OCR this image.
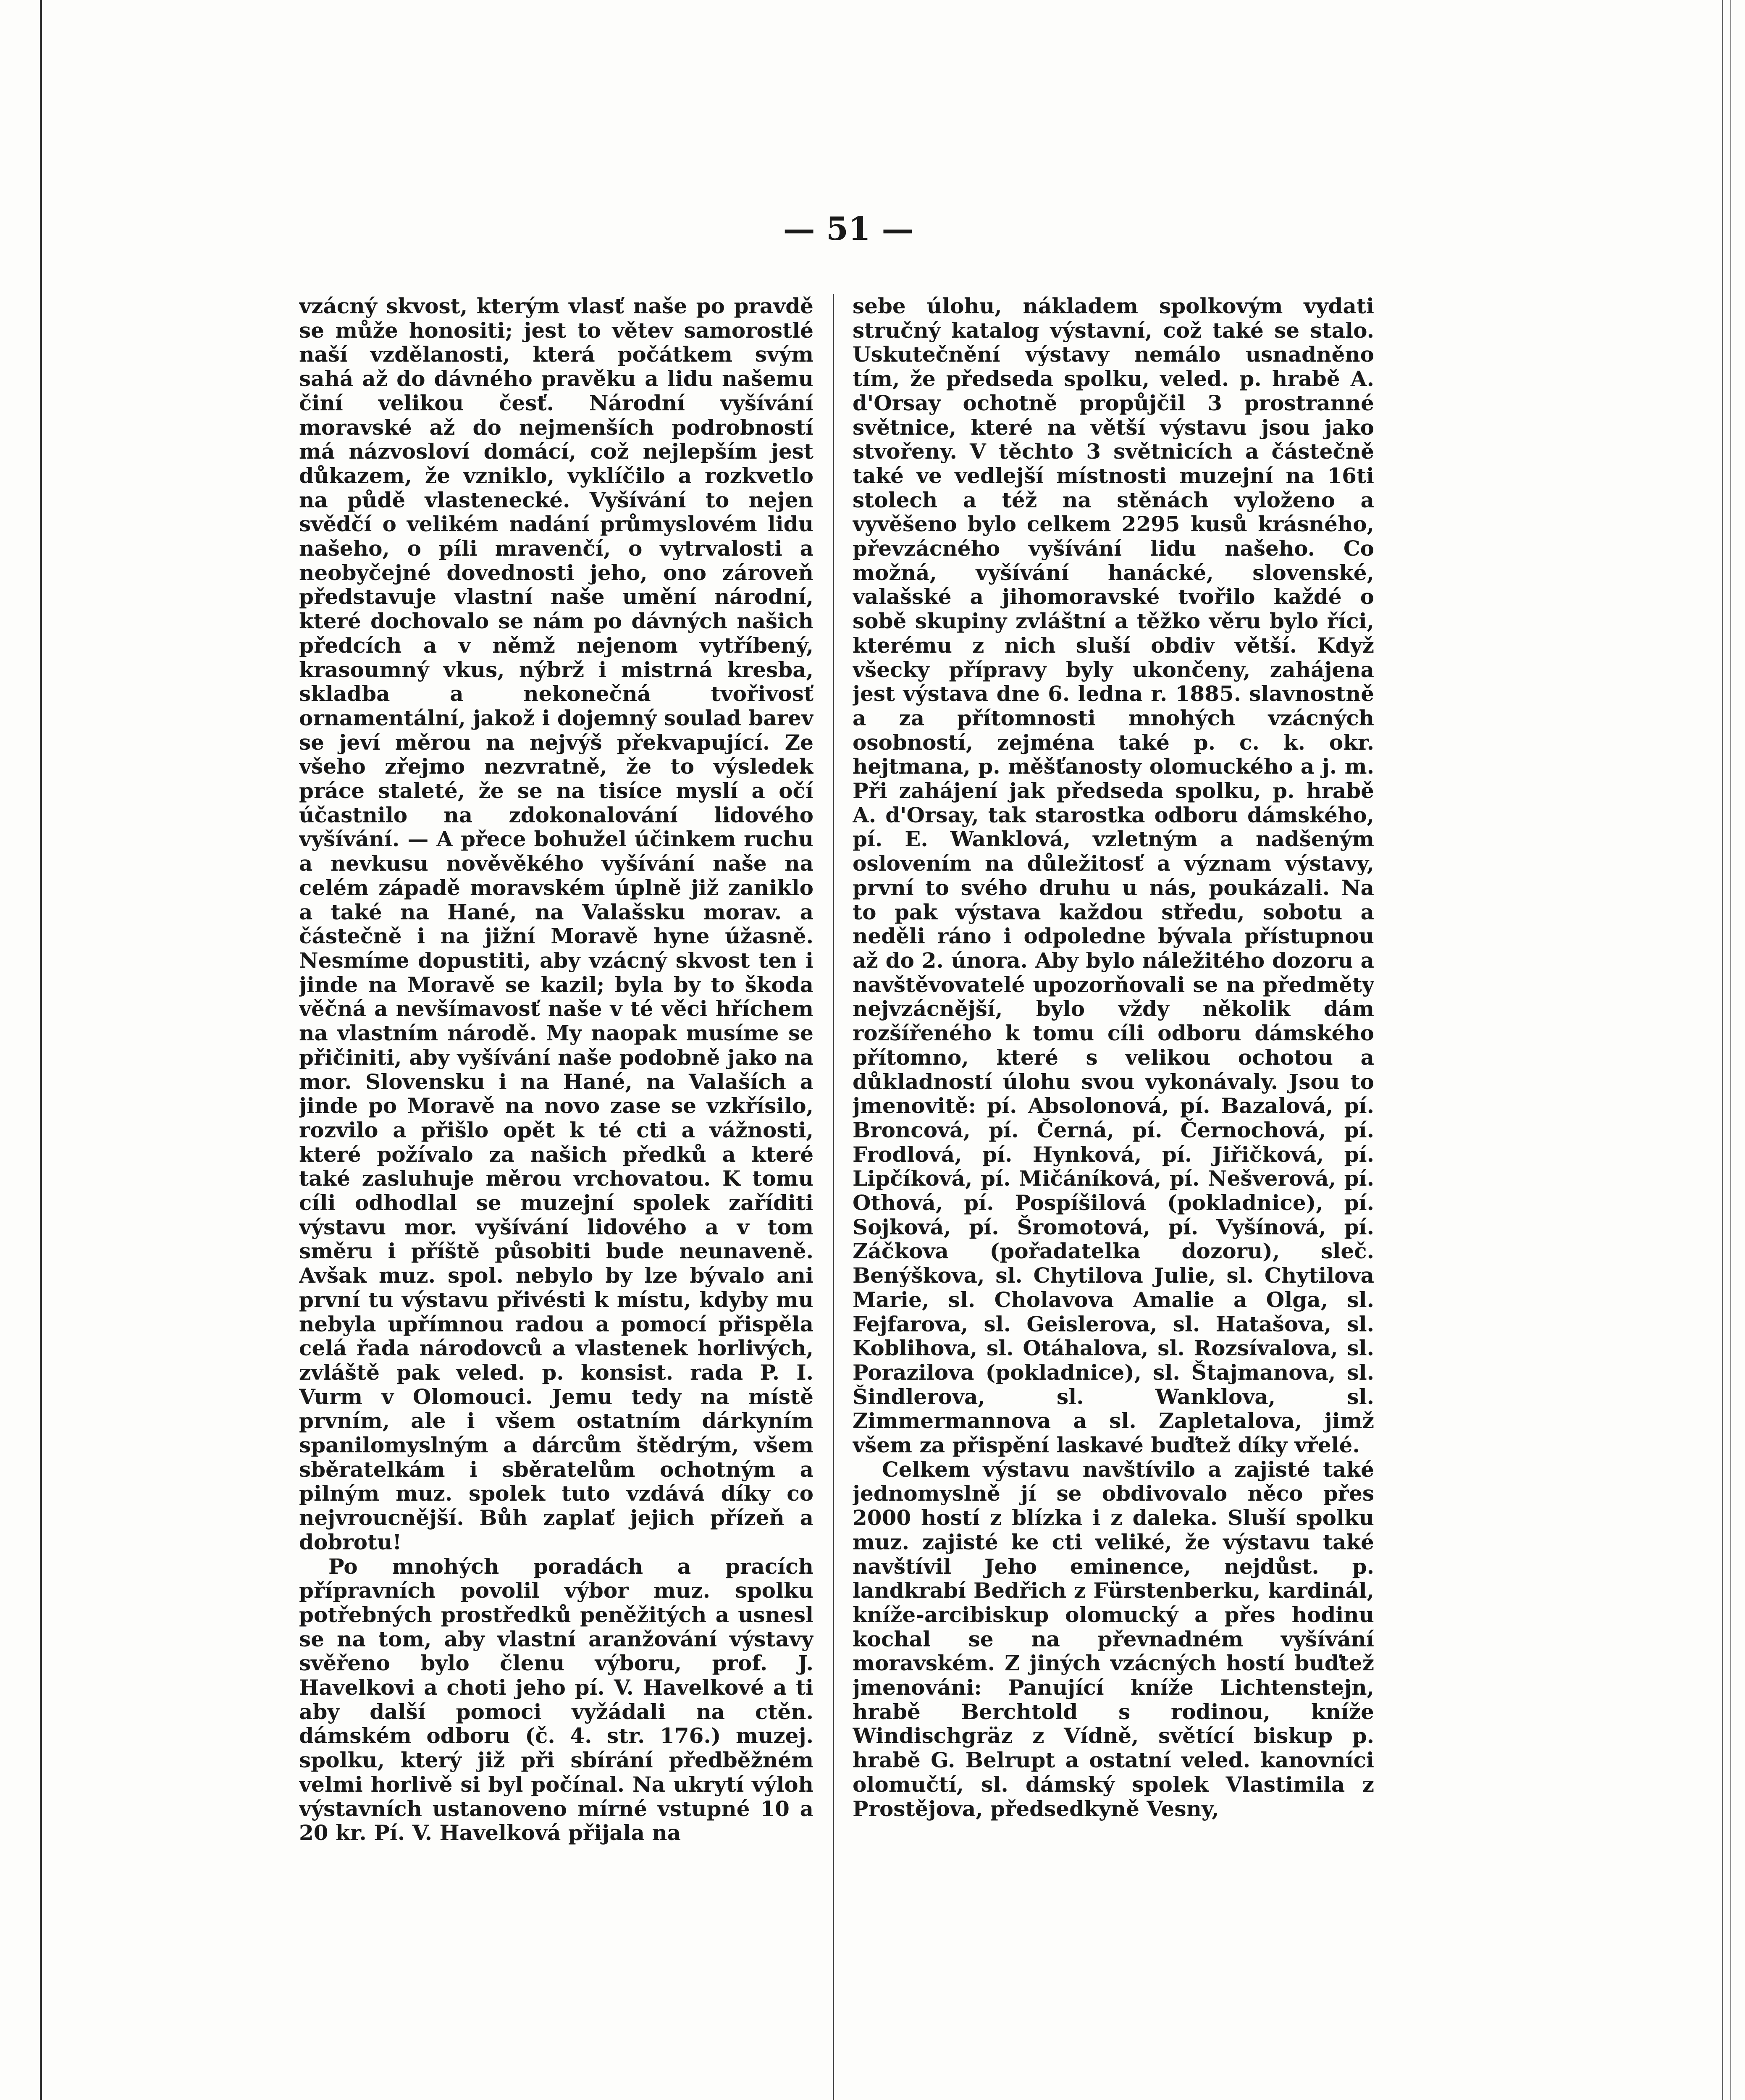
— 51 —

vzácný skvost, kterým vlasť naše po pravdě se může honositi; jest to větev samorostlé naší vzdělanosti, která počátkem svým sahá až do dávného pravěku a lidu našemu činí velikou česť. Národní vyšívání moravské až do nejmenších podrobností má názvosloví domácí, což nejlepším jest důkazem, že vzniklo, vyklíčilo a rozkvetlo na půdě vlastenecké. Vyšívání to nejen svědčí o velikém nadání průmyslovém lidu našeho, o píli mravenčí, o vytrvalosti a neobyčejné dovednosti jeho, ono zároveň představuje vlastní naše umění národní, které dochovalo se nám po dávných našich předcích a v němž nejenom vytříbený, krasoumný vkus, nýbrž i mistrná kresba, skladba a nekonečná tvořivosť ornamentální, jakož i dojemný soulad barev se jeví měrou na nejvýš překvapující. Ze všeho zřejmo nezvratně, že to výsledek práce staleté, že se na tisíce myslí a očí účastnilo na zdokonalování lidového vyšívání. — A přece bohužel účinkem ruchu a nevkusu nověvěkého vyšívání naše na celém západě moravském úplně již zaniklo a také na Hané, na Valašsku morav. a částečně i na jižní Moravě hyne úžasně. Nesmíme dopustiti, aby vzácný skvost ten i jinde na Moravě se kazil; byla by to škoda věčná a nevšímavosť naše v té věci hříchem na vlastním národě. My naopak musíme se přičiniti, aby vyšívání naše podobně jako na mor. Slovensku i na Hané, na Valaších a jinde po Moravě na novo zase se vzkřísilo, rozvilo a přišlo opět k té cti a vážnosti, které požívalo za našich předků a které také zasluhuje měrou vrchovatou. K tomu cíli odhodlal se muzejní spolek zaříditi výstavu mor. vyšívání lidového a v tom směru i příště působiti bude neunaveně. Avšak muz. spol. nebylo by lze bývalo ani první tu výstavu přivésti k místu, kdyby mu nebyla upřímnou radou a pomocí přispěla celá řada národovců a vlastenek horlivých, zvláště pak veled. p. konsist. rada P. I. Vurm v Olomouci. Jemu tedy na místě prvním, ale i všem ostatním dárkyním spanilomyslným a dárcům štědrým, všem sběratelkám i sběratelům ochotným a pilným muz. spolek tuto vzdává díky co nejvroucnější. Bůh zaplať jejich přízeň a dobrotu!

Po mnohých poradách a pracích přípravních povolil výbor muz. spolku potřebných prostředků peněžitých a usnesl se na tom, aby vlastní aranžování výstavy svěřeno bylo členu výboru, prof. J. Havelkovi a choti jeho pí. V. Havelkové a ti aby další pomoci vyžádali na ctěn. dámském odboru (č. 4. str. 176.) muzej. spolku, který již při sbírání předběžném velmi horlivě si byl počínal. Na ukrytí výloh výstavních ustanoveno mírné vstupné 10 a 20 kr. Pí. V. Havelková přijala na

sebe úlohu, nákladem spolkovým vydati stručný katalog výstavní, což také se stalo. Uskutečnění výstavy nemálo usnadněno tím, že předseda spolku, veled. p. hrabě A. d'Orsay ochotně propůjčil 3 prostranné světnice, které na větší výstavu jsou jako stvořeny. V těchto 3 světnicích a částečně také ve vedlejší místnosti muzejní na 16ti stolech a též na stěnách vyloženo a vyvěšeno bylo celkem 2295 kusů krásného, převzácného vyšívání lidu našeho. Co možná, vyšívání hanácké, slovenské, valašské a jihomoravské tvořilo každé o sobě skupiny zvláštní a těžko věru bylo říci, kterému z nich sluší obdiv větší. Když všecky přípravy byly ukončeny, zahájena jest výstava dne 6. ledna r. 1885. slavnostně a za přítomnosti mnohých vzácných osobností, zejména také p. c. k. okr. hejtmana, p. měšťanosty olomuckého a j. m. Při zahájení jak předseda spolku, p. hrabě A. d'Orsay, tak starostka odboru dámského, pí. E. Wanklová, vzletným a nadšeným oslovením na důležitosť a význam výstavy, první to svého druhu u nás, poukázali. Na to pak výstava každou středu, sobotu a neděli ráno i odpoledne bývala přístupnou až do 2. února. Aby bylo náležitého dozoru a navštěvovatelé upozorňovali se na předměty nejvzácnější, bylo vždy několik dám rozšířeného k tomu cíli odboru dámského přítomno, které s velikou ochotou a důkladností úlohu svou vykonávaly. Jsou to jmenovitě: pí. Absolonová, pí. Bazalová, pí. Broncová, pí. Černá, pí. Černochová, pí. Frodlová, pí. Hynková, pí. Jiřičková, pí. Lipčíková, pí. Mičáníková, pí. Nešverová, pí. Othová, pí. Pospíšilová (pokladnice), pí. Sojková, pí. Šromotová, pí. Vyšínová, pí. Záčkova (pořadatelka dozoru), sleč. Benýškova, sl. Chytilova Julie, sl. Chytilova Marie, sl. Cholavova Amalie a Olga, sl. Fejfarova, sl. Geislerova, sl. Hatašova, sl. Koblihova, sl. Otáhalova, sl. Rozsívalova, sl. Porazilova (pokladnice), sl. Štajmanova, sl. Šindlerova, sl. Wanklova, sl. Zimmermannova a sl. Zapletalova, jimž všem za přispění laskavé buďtež díky vřelé.

Celkem výstavu navštívilo a zajisté také jednomyslně jí se obdivovalo něco přes 2000 hostí z blízka i z daleka. Sluší spolku muz. zajisté ke cti veliké, že výstavu také navštívil Jeho eminence, nejdůst. p. landkrabí Bedřich z Fürstenberku, kardinál, kníže-arcibiskup olomucký a přes hodinu kochal se na převnadném vyšívání moravském. Z jiných vzácných hostí buďtež jmenováni: Panující kníže Lichtenstejn, hrabě Berchtold s rodinou, kníže Windischgräz z Vídně, světící biskup p. hrabě G. Belrupt a ostatní veled. kanovníci olomučtí, sl. dámský spolek Vlastimila z Prostějova, předsedkyně Vesny,
